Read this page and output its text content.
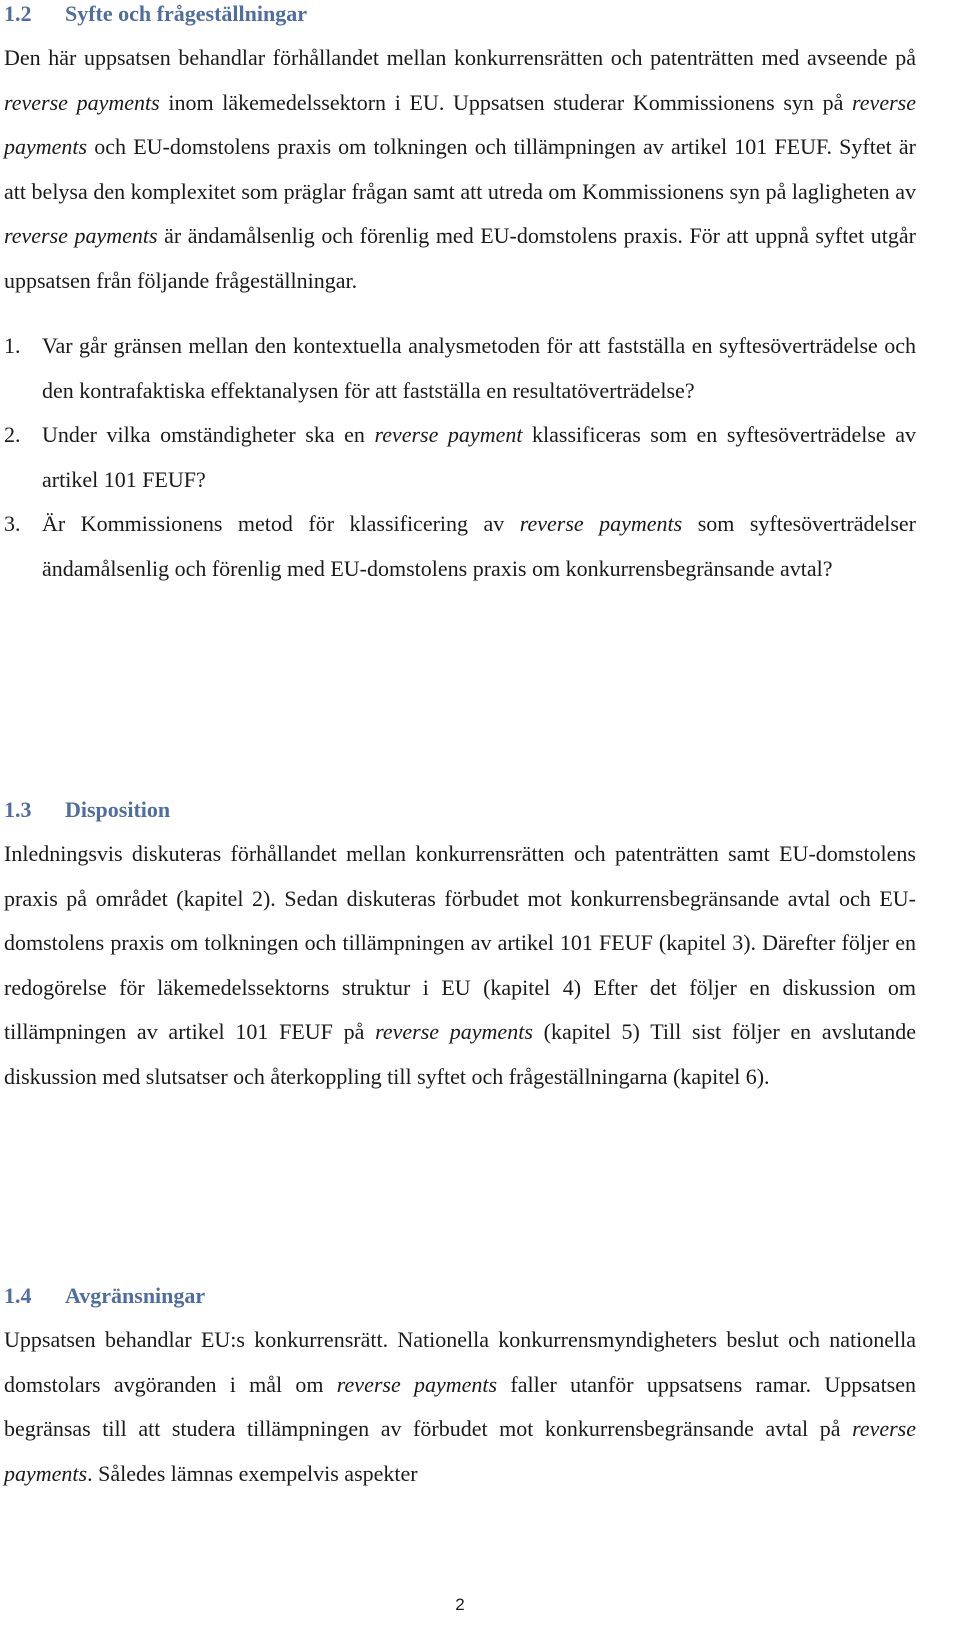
1.2 Syfte och frågeställningar

Den här uppsatsen behandlar förhållandet mellan konkurrensrätten och patenträtten med avseende på reverse payments inom läkemedelssektorn i EU. Uppsatsen studerar Kommissionens syn på reverse payments och EU-domstolens praxis om tolkningen och tillämpningen av artikel 101 FEUF. Syftet är att belysa den komplexitet som präglar frågan samt att utreda om Kommissionens syn på lagligheten av reverse payments är ändamålsenlig och förenlig med EU-domstolens praxis. För att uppnå syftet utgår uppsatsen från följande frågeställningar.

1. Var går gränsen mellan den kontextuella analysmetoden för att fastställa en syftesöverträdelse och den kontrafaktiska effektanalysen för att fastställa en resultatöverträdelse?
2. Under vilka omständigheter ska en reverse payment klassificeras som en syftesöverträdelse av artikel 101 FEUF?
3. Är Kommissionens metod för klassificering av reverse payments som syftesöverträdelser ändamålsenlig och förenlig med EU-domstolens praxis om konkurrensbegränsande avtal?
1.3 Disposition

Inledningsvis diskuteras förhållandet mellan konkurrensrätten och patenträtten samt EU-domstolens praxis på området (kapitel 2). Sedan diskuteras förbudet mot konkurrensbegränsande avtal och EU-domstolens praxis om tolkningen och tillämpningen av artikel 101 FEUF (kapitel 3). Därefter följer en redogörelse för läkemedelssektorns struktur i EU (kapitel 4) Efter det följer en diskussion om tillämpningen av artikel 101 FEUF på reverse payments (kapitel 5) Till sist följer en avslutande diskussion med slutsatser och återkoppling till syftet och frågeställningarna (kapitel 6).

1.4 Avgränsningar

Uppsatsen behandlar EU:s konkurrensrätt. Nationella konkurrensmyndigheters beslut och nationella domstolars avgöranden i mål om reverse payments faller utanför uppsatsens ramar. Uppsatsen begränsas till att studera tillämpningen av förbudet mot konkurrensbegränsande avtal på reverse payments. Således lämnas exempelvis aspekter

2
